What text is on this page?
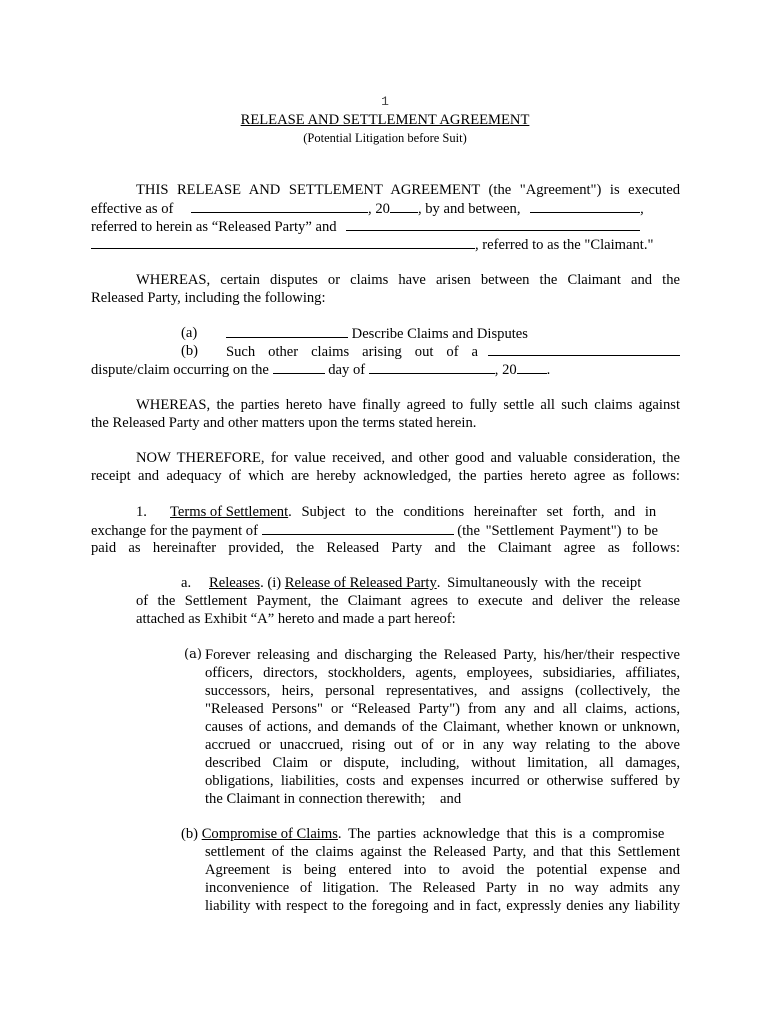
1
RELEASE AND SETTLEMENT AGREEMENT
(Potential Litigation before Suit)
THIS RELEASE AND SETTLEMENT AGREEMENT (the "Agreement") is executed
effective as of	, 20 , by and between,	,
referred to herein as “Released Party” and
, referred to as the "Claimant."
WHEREAS, certain disputes or claims have arisen between the Claimant and the
Released Party, including the following:
(a)	Describe Claims and Disputes
(b) Such other claims arising out of a
dispute/claim occurring on the	day of	, 20 .
WHEREAS, the parties hereto have finally agreed to fully settle all such claims against
the Released Party and other matters upon the terms stated herein.
NOW THEREFORE, for value received, and other good and valuable consideration, the
receipt and adequacy of which are hereby acknowledged, the parties hereto agree as follows:
1. Terms of Settlement. Subject to the conditions hereinafter set forth, and in
exchange for the payment of	(the "Settlement Payment") to be
paid as hereinafter provided, the Released Party and the Claimant agree as follows:
a. Releases. (i) Release of Released Party. Simultaneously with the receipt
of the Settlement Payment, the Claimant agrees to execute and deliver the release
attached as Exhibit “A” hereto and made a part hereof:
(a) Forever releasing and discharging the Released Party, his/her/their respective
officers, directors, stockholders, agents, employees, subsidiaries, affiliates,
successors, heirs, personal representatives, and assigns (collectively, the
"Released Persons" or “Released Party") from any and all claims, actions,
causes of actions, and demands of the Claimant, whether known or unknown,
accrued or unaccrued, rising out of or in any way relating to the above
described Claim or dispute, including, without limitation, all damages,
obligations, liabilities, costs and expenses incurred or otherwise suffered by
the Claimant in connection therewith;    and
(b) Compromise of Claims. The parties acknowledge that this is a compromise
settlement of the claims against the Released Party, and that this Settlement
Agreement is being entered into to avoid the potential expense and
inconvenience of litigation. The Released Party in no way admits any
liability with respect to the foregoing and in fact, expressly denies any liability
